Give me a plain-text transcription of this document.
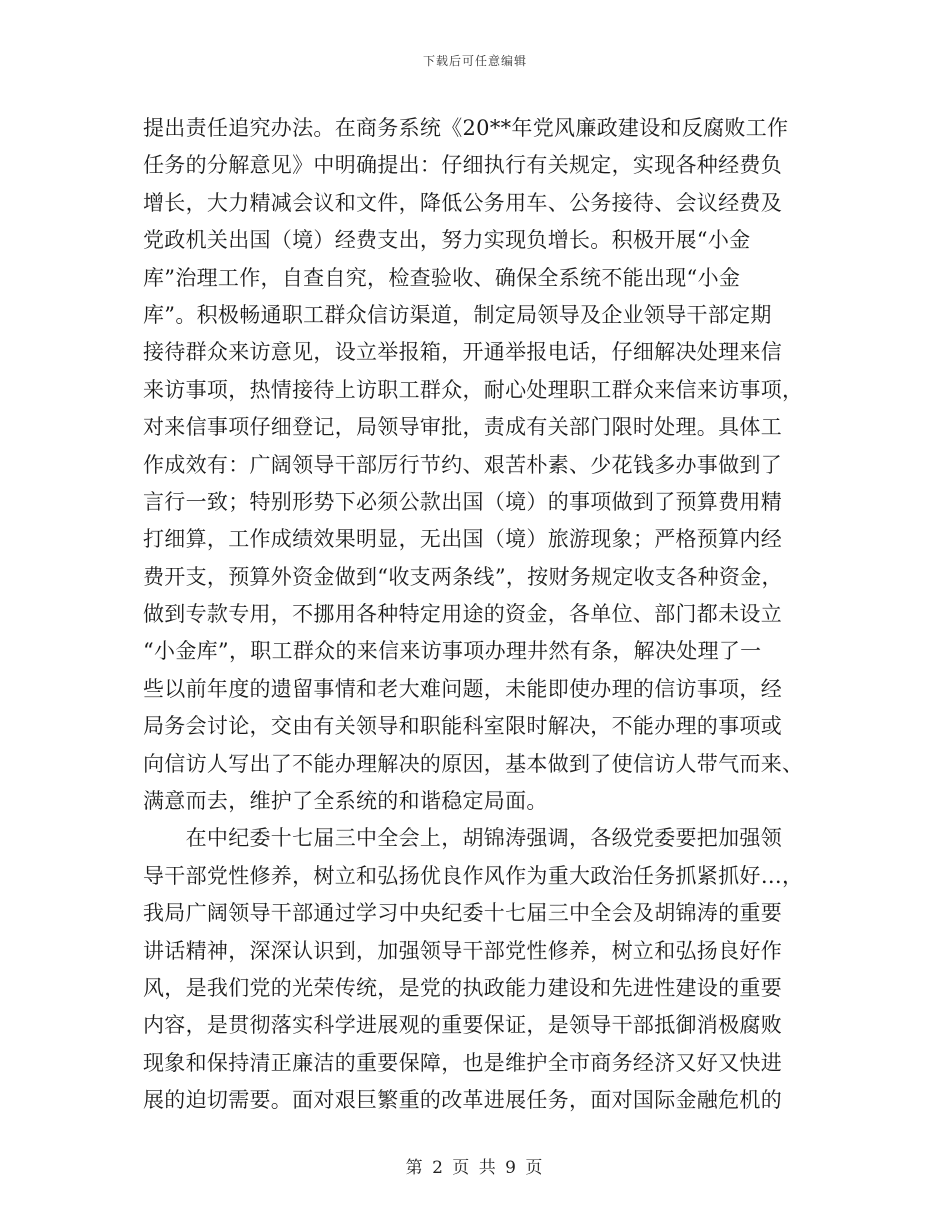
下载后可任意编辑
提出责任追究办法。在商务系统《20**年党风廉政建设和反腐败工作
任务的分解意见》中明确提出：仔细执行有关规定，实现各种经费负
增长，大力精减会议和文件，降低公务用车、公务接待、会议经费及
党政机关出国（境）经费支出，努力实现负增长。积极开展“小金
库”治理工作，自查自究，检查验收、确保全系统不能出现“小金
库”。积极畅通职工群众信访渠道，制定局领导及企业领导干部定期
接待群众来访意见，设立举报箱，开通举报电话，仔细解决处理来信
来访事项，热情接待上访职工群众，耐心处理职工群众来信来访事项，
对来信事项仔细登记，局领导审批，责成有关部门限时处理。具体工
作成效有：广阔领导干部厉行节约、艰苦朴素、少花钱多办事做到了
言行一致；特别形势下必须公款出国（境）的事项做到了预算费用精
打细算，工作成绩效果明显，无出国（境）旅游现象；严格预算内经
费开支，预算外资金做到“收支两条线”，按财务规定收支各种资金，
做到专款专用，不挪用各种特定用途的资金，各单位、部门都未设立
“小金库”，职工群众的来信来访事项办理井然有条，解决处理了一
些以前年度的遗留事情和老大难问题，未能即使办理的信访事项，经
局务会讨论，交由有关领导和职能科室限时解决，不能办理的事项或
向信访人写出了不能办理解决的原因，基本做到了使信访人带气而来、
满意而去，维护了全系统的和谐稳定局面。
　　在中纪委十七届三中全会上，胡锦涛强调，各级党委要把加强领
导干部党性修养，树立和弘扬优良作风作为重大政治任务抓紧抓好…，
我局广阔领导干部通过学习中央纪委十七届三中全会及胡锦涛的重要
讲话精神，深深认识到，加强领导干部党性修养，树立和弘扬良好作
风，是我们党的光荣传统，是党的执政能力建设和先进性建设的重要
内容，是贯彻落实科学进展观的重要保证，是领导干部抵御消极腐败
现象和保持清正廉洁的重要保障，也是维护全市商务经济又好又快进
展的迫切需要。面对艰巨繁重的改革进展任务，面对国际金融危机的
第 2 页 共 9 页
